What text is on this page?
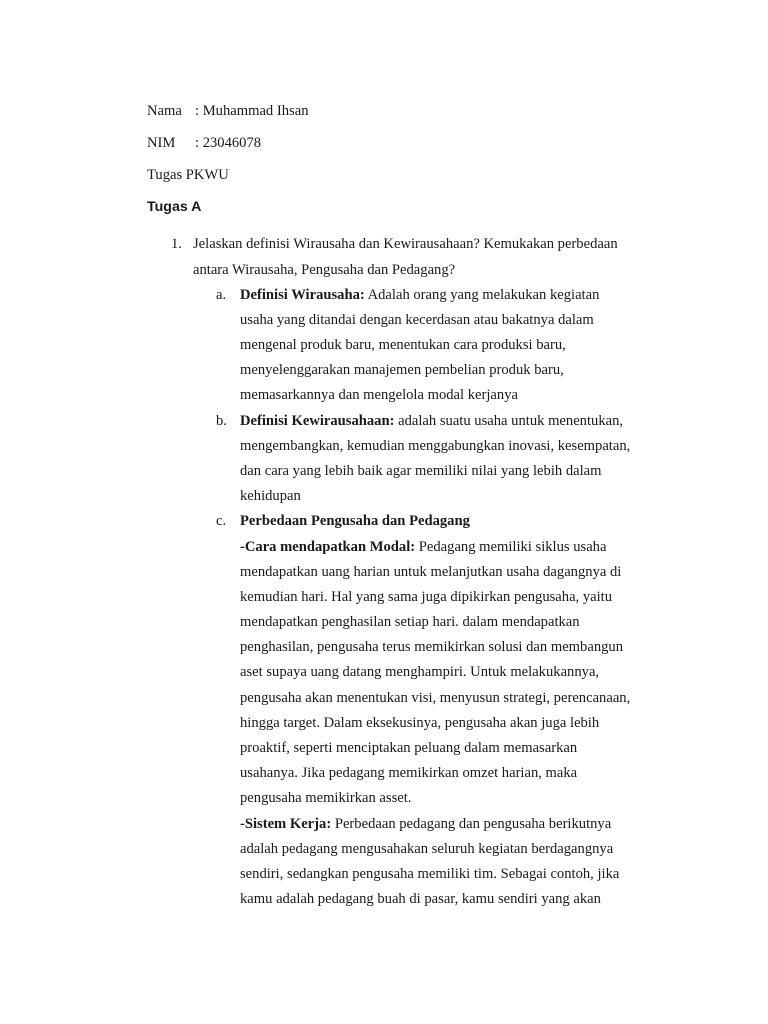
Nama : Muhammad Ihsan
NIM : 23046078
Tugas PKWU
Tugas A
1. Jelaskan definisi Wirausaha dan Kewirausahaan? Kemukakan perbedaan
antara Wirausaha, Pengusaha dan Pedagang?
a. Definisi Wirausaha: Adalah orang yang melakukan kegiatan
usaha yang ditandai dengan kecerdasan atau bakatnya dalam
mengenal produk baru, menentukan cara produksi baru,
menyelenggarakan manajemen pembelian produk baru,
memasarkannya dan mengelola modal kerjanya
b. Definisi Kewirausahaan: adalah suatu usaha untuk menentukan,
mengembangkan, kemudian menggabungkan inovasi, kesempatan,
dan cara yang lebih baik agar memiliki nilai yang lebih dalam
kehidupan
c. Perbedaan Pengusaha dan Pedagang
-Cara mendapatkan Modal: Pedagang memiliki siklus usaha
mendapatkan uang harian untuk melanjutkan usaha dagangnya di
kemudian hari. Hal yang sama juga dipikirkan pengusaha, yaitu
mendapatkan penghasilan setiap hari. dalam mendapatkan
penghasilan, pengusaha terus memikirkan solusi dan membangun
aset supaya uang datang menghampiri. Untuk melakukannya,
pengusaha akan menentukan visi, menyusun strategi, perencanaan,
hingga target. Dalam eksekusinya, pengusaha akan juga lebih
proaktif, seperti menciptakan peluang dalam memasarkan
usahanya. Jika pedagang memikirkan omzet harian, maka
pengusaha memikirkan asset.
-Sistem Kerja: Perbedaan pedagang dan pengusaha berikutnya
adalah pedagang mengusahakan seluruh kegiatan berdagangnya
sendiri, sedangkan pengusaha memiliki tim. Sebagai contoh, jika
kamu adalah pedagang buah di pasar, kamu sendiri yang akan
